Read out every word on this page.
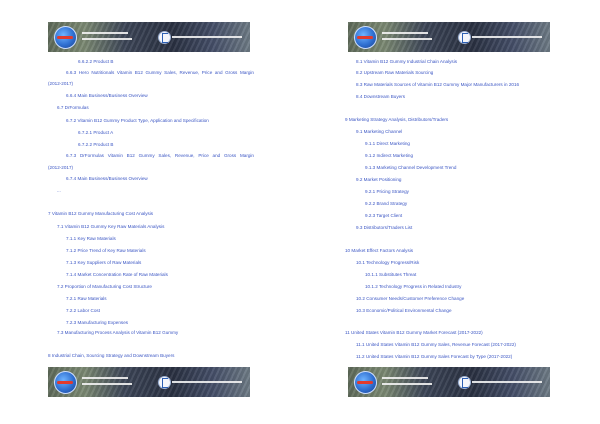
6.6.2.2 Product B
6.6.3 Hero Nutritionals Vitamin B12 Gummy Sales, Revenue, Price and Gross Margin
(2012-2017)
6.6.4 Main Business/Business Overview
6.7 DrFormulas
6.7.2 Vitamin B12 Gummy Product Type, Application and Specification
6.7.2.1 Product A
6.7.2.2 Product B
6.7.3 DrFormulas Vitamin B12 Gummy Sales, Revenue, Price and Gross Margin
(2012-2017)
6.7.4 Main Business/Business Overview
...
7 Vitamin B12 Gummy Manufacturing Cost Analysis
7.1 Vitamin B12 Gummy Key Raw Materials Analysis
7.1.1 Key Raw Materials
7.1.2 Price Trend of Key Raw Materials
7.1.3 Key Suppliers of Raw Materials
7.1.4 Market Concentration Rate of Raw Materials
7.2 Proportion of Manufacturing Cost Structure
7.2.1 Raw Materials
7.2.2 Labor Cost
7.2.3 Manufacturing Expenses
7.3 Manufacturing Process Analysis of Vitamin B12 Gummy
8 Industrial Chain, Sourcing Strategy and Downstream Buyers
8.1 Vitamin B12 Gummy Industrial Chain Analysis
8.2 Upstream Raw Materials Sourcing
8.3 Raw Materials Sources of Vitamin B12 Gummy Major Manufacturers in 2016
8.4 Downstream Buyers
9 Marketing Strategy Analysis, Distributors/Traders
9.1 Marketing Channel
9.1.1 Direct Marketing
9.1.2 Indirect Marketing
9.1.3 Marketing Channel Development Trend
9.2 Market Positioning
9.2.1 Pricing Strategy
9.2.2 Brand Strategy
9.2.3 Target Client
9.3 Distributors/Traders List
10 Market Effect Factors Analysis
10.1 Technology Progress/Risk
10.1.1 Substitutes Threat
10.1.2 Technology Progress in Related Industry
10.2 Consumer Needs/Customer Preference Change
10.3 Economic/Political Environmental Change
11 United States Vitamin B12 Gummy Market Forecast (2017-2022)
11.1 United States Vitamin B12 Gummy Sales, Revenue Forecast (2017-2022)
11.2 United States Vitamin B12 Gummy Sales Forecast by Type (2017-2022)
